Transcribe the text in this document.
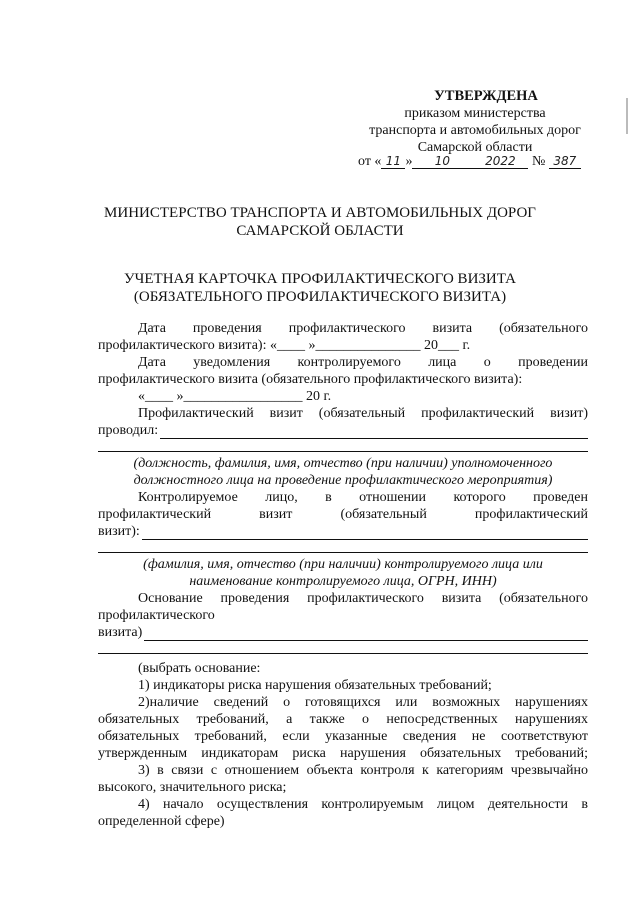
УТВЕРЖДЕНА
приказом министерства
транспорта и автомобильных дорог
Самарской области
от « 11 » 10	2022 № 387
МИНИСТЕРСТВО ТРАНСПОРТА И АВТОМОБИЛЬНЫХ ДОРОГ
САМАРСКОЙ ОБЛАСТИ
УЧЕТНАЯ КАРТОЧКА ПРОФИЛАКТИЧЕСКОГО ВИЗИТА
(ОБЯЗАТЕЛЬНОГО ПРОФИЛАКТИЧЕСКОГО ВИЗИТА)
Дата проведения профилактического визита (обязательного
профилактического визита): «____ »_______________ 20___ г.
Дата уведомления контролируемого лица о проведении
профилактического визита (обязательного профилактического визита):
«____ »_________________ 20 г.
Профилактический визит (обязательный профилактический визит)
проводил:
(должность, фамилия, имя, отчество (при наличии) уполномоченного
должностного лица на проведение профилактического мероприятия)
Контролируемое лицо, в отношении которого проведен
профилактический визит (обязательный профилактический
визит):
(фамилия, имя, отчество (при наличии) контролируемого лица или
наименование контролируемого лица, ОГРН, ИНН)
Основание проведения профилактического визита (обязательного
профилактического
визита)
(выбрать основание:
1) индикаторы риска нарушения обязательных требований;
2)наличие сведений о готовящихся или возможных нарушениях
обязательных требований, а также о непосредственных нарушениях
обязательных требований, если указанные сведения не соответствуют
утвержденным индикаторам риска нарушения обязательных требований;
3) в связи с отношением объекта контроля к категориям чрезвычайно
высокого, значительного риска;
4) начало осуществления контролируемым лицом деятельности в
определенной сфере)
